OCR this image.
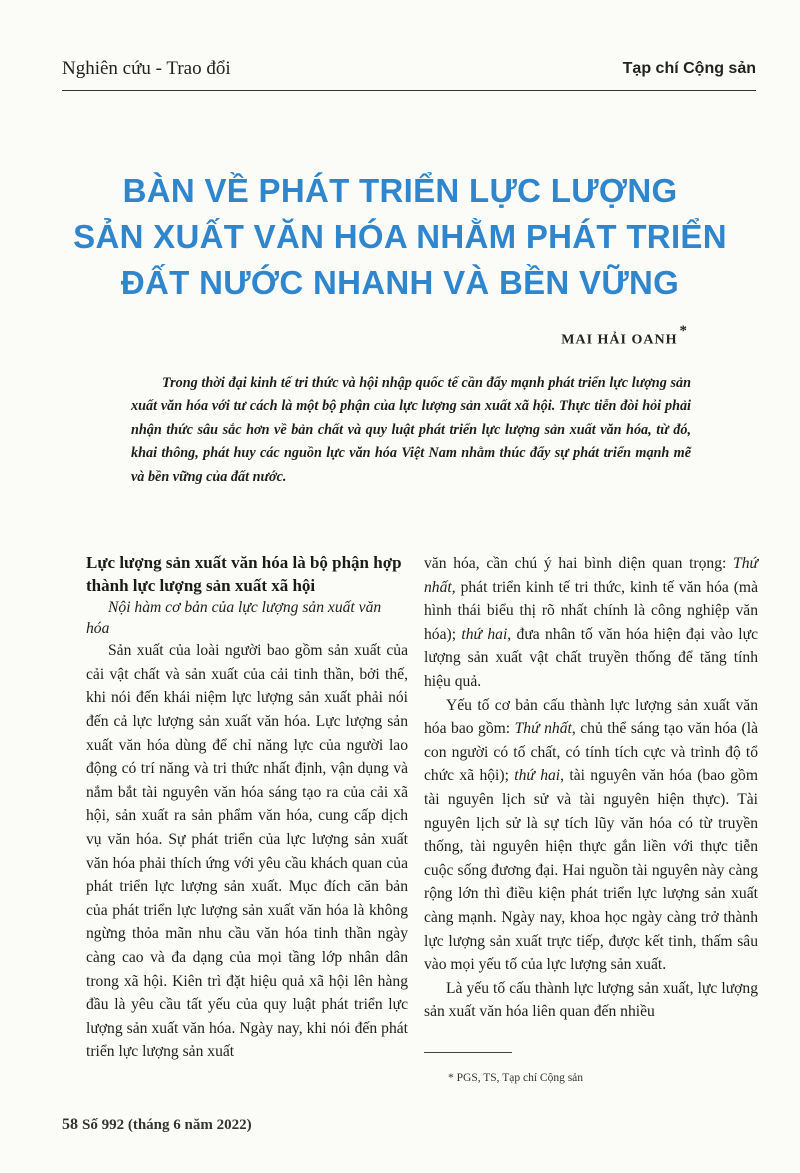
Nghiên cứu - Trao đổi	Tạp chí Cộng sản
BÀN VỀ PHÁT TRIỂN LỰC LƯỢNG
SẢN XUẤT VĂN HÓA NHẰM PHÁT TRIỂN
ĐẤT NƯỚC NHANH VÀ BỀN VỮNG
MAI HẢI OANH*
Trong thời đại kinh tế tri thức và hội nhập quốc tế cần đẩy mạnh phát triển lực lượng sản xuất văn hóa với tư cách là một bộ phận của lực lượng sản xuất xã hội. Thực tiễn đòi hỏi phải nhận thức sâu sắc hơn về bản chất và quy luật phát triển lực lượng sản xuất văn hóa, từ đó, khai thông, phát huy các nguồn lực văn hóa Việt Nam nhằm thúc đẩy sự phát triển mạnh mẽ và bền vững của đất nước.

Lực lượng sản xuất văn hóa là bộ phận hợp thành lực lượng sản xuất xã hội

Nội hàm cơ bản của lực lượng sản xuất văn hóa

Sản xuất của loài người bao gồm sản xuất của cải vật chất và sản xuất của cải tinh thần, bởi thế, khi nói đến khái niệm lực lượng sản xuất phải nói đến cả lực lượng sản xuất văn hóa. Lực lượng sản xuất văn hóa dùng để chỉ năng lực của người lao động có trí năng và tri thức nhất định, vận dụng và nắm bắt tài nguyên văn hóa sáng tạo ra của cải xã hội, sản xuất ra sản phẩm văn hóa, cung cấp dịch vụ văn hóa. Sự phát triển của lực lượng sản xuất văn hóa phải thích ứng với yêu cầu khách quan của phát triển lực lượng sản xuất. Mục đích căn bản của phát triển lực lượng sản xuất văn hóa là không ngừng thỏa mãn nhu cầu văn hóa tinh thần ngày càng cao và đa dạng của mọi tầng lớp nhân dân trong xã hội. Kiên trì đặt hiệu quả xã hội lên hàng đầu là yêu cầu tất yếu của quy luật phát triển lực lượng sản xuất văn hóa. Ngày nay, khi nói đến phát triển lực lượng sản xuất

văn hóa, cần chú ý hai bình diện quan trọng: Thứ nhất, phát triển kinh tế tri thức, kinh tế văn hóa (mà hình thái biểu thị rõ nhất chính là công nghiệp văn hóa); thứ hai, đưa nhân tố văn hóa hiện đại vào lực lượng sản xuất vật chất truyền thống để tăng tính hiệu quả.

Yếu tố cơ bản cấu thành lực lượng sản xuất văn hóa bao gồm: Thứ nhất, chủ thể sáng tạo văn hóa (là con người có tố chất, có tính tích cực và trình độ tổ chức xã hội); thứ hai, tài nguyên văn hóa (bao gồm tài nguyên lịch sử và tài nguyên hiện thực). Tài nguyên lịch sử là sự tích lũy văn hóa có từ truyền thống, tài nguyên hiện thực gắn liền với thực tiễn cuộc sống đương đại. Hai nguồn tài nguyên này càng rộng lớn thì điều kiện phát triển lực lượng sản xuất càng mạnh. Ngày nay, khoa học ngày càng trở thành lực lượng sản xuất trực tiếp, được kết tinh, thấm sâu vào mọi yếu tố của lực lượng sản xuất.

Là yếu tố cấu thành lực lượng sản xuất, lực lượng sản xuất văn hóa liên quan đến nhiều

* PGS, TS, Tạp chí Cộng sản
58 Số 992 (tháng 6 năm 2022)
